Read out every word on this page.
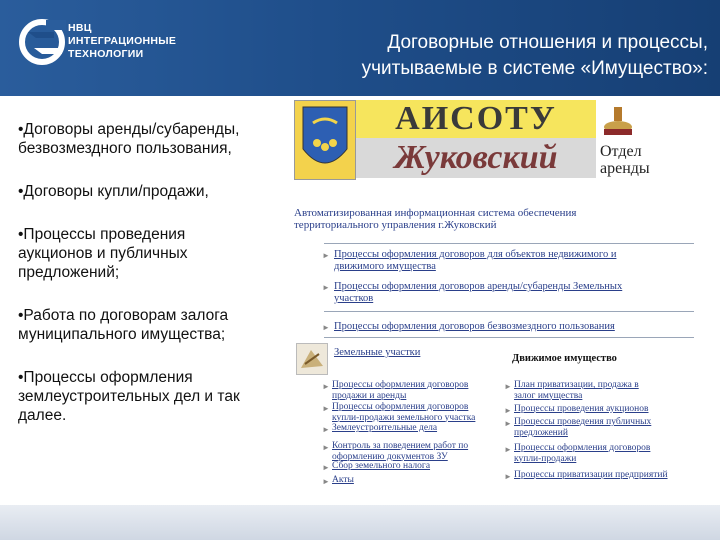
НВЦ
ИНТЕГРАЦИОННЫЕ
ТЕХНОЛОГИИ
Договорные отношения и процессы,
учитываемые в системе «Имущество»:
•Договоры аренды/субаренды,
безвозмездного пользования,
•Договоры купли/продажи,
•Процессы проведения
аукционов и публичных
предложений;
•Работа по договорам залога
муниципального имущества;
•Процессы оформления
землеустроительных дел и так
далее.
АИСОТУ
Жуковский	Отдел
аренды
Автоматизированная информационная система обеспечения
территориального управления г.Жуковский
► Процессы оформления договоров для объектов недвижимого и
движимого имущества
► Процессы оформления договоров аренды/субаренды Земельных
участков
► Процессы оформления договоров безвозмездного пользования
Земельные участки
Движимое имущество
► Процессы оформления договоров
продажи и аренды
► Процессы оформления договоров
купли-продажи земельного участка
► Землеустроительные дела
► Контроль за поведением работ по
оформлению документов ЗУ
► Сбор земельного налога
► Акты
► План приватизации, продажа в
залог имущества
► Процессы проведения аукционов
► Процессы проведения публичных
предложений
► Процессы оформления договоров
купли-продажи
► Процессы приватизации предприятий
